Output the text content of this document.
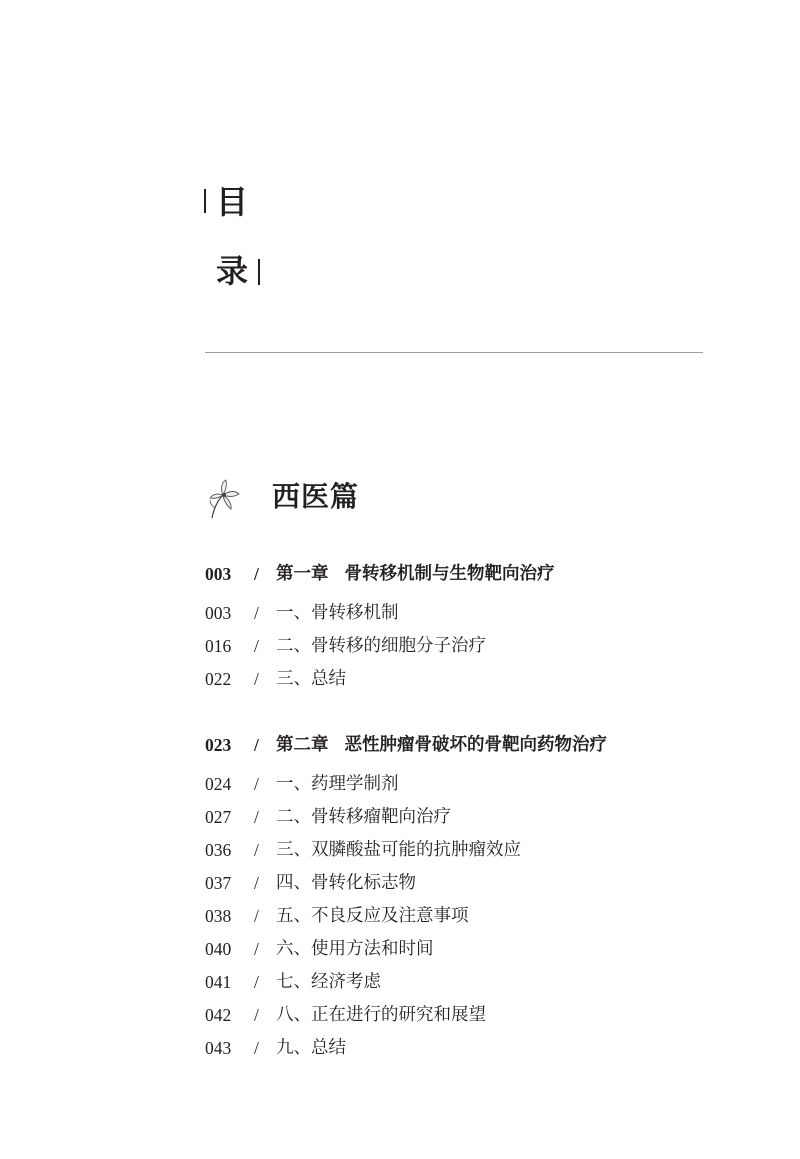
目
录
西医篇
003 / 第一章 骨转移机制与生物靶向治疗
003 / 一、骨转移机制
016 / 二、骨转移的细胞分子治疗
022 / 三、总结
023 / 第二章 恶性肿瘤骨破坏的骨靶向药物治疗
024 / 一、药理学制剂
027 / 二、骨转移瘤靶向治疗
036 / 三、双膦酸盐可能的抗肿瘤效应
037 / 四、骨转化标志物
038 / 五、不良反应及注意事项
040 / 六、使用方法和时间
041 / 七、经济考虑
042 / 八、正在进行的研究和展望
043 / 九、总结
